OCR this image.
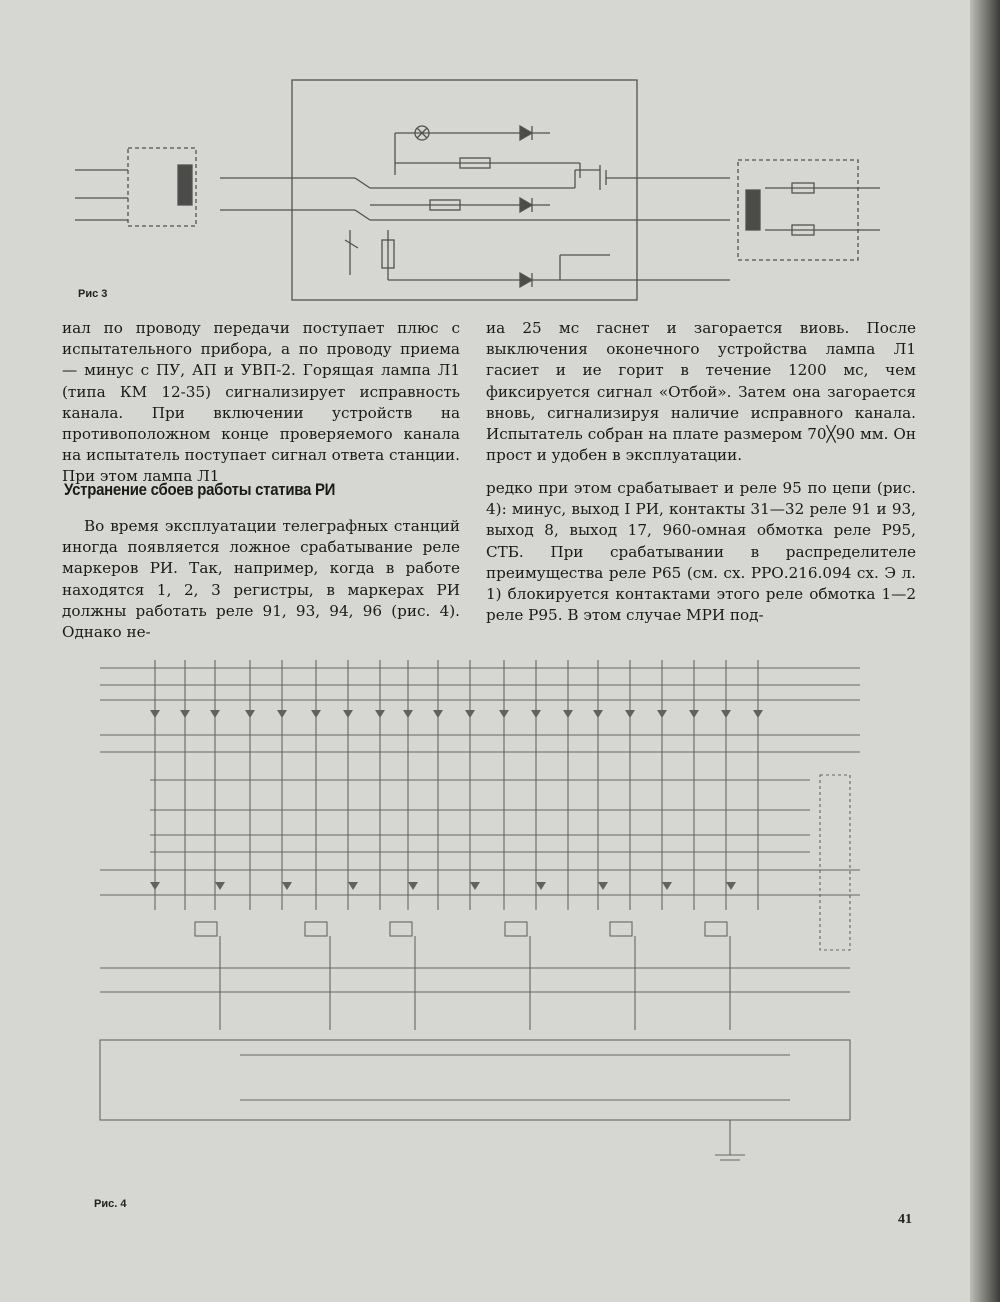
Рис 3

иал по проводу передачи поступает плюс с испытательного прибора, а по проводу приема — минус с ПУ, АП и УВП-2. Горящая лампа Л1 (типа КМ 12-35) сигнализирует исправность канала. При включении устройств на противоположном конце проверяемого канала на испытатель поступает сигнал ответа станции. При этом лампа Л1

иа 25 мс гаснет и загорается виовь. После выключения оконечного устройства лампа Л1 гасиет и ие горит в течение 1200 мс, чем фиксируется сигнал «Отбой». Затем она загорается вновь, сигнализируя наличие исправного канала. Испытатель собран на плате размером 70╳90 мм. Он прост и удобен в эксплуатации.

Устранение сбоев работы статива РИ

Во время эксплуатации телеграфных станций иногда появляется ложное срабатывание реле маркеров РИ. Так, например, когда в работе находятся 1, 2, 3 регистры, в маркерах РИ должны работать реле 91, 93, 94, 96 (рис. 4). Однако не-

редко при этом срабатывает и реле 95 по цепи (рис. 4): минус, выход I РИ, контакты 31—32 реле 91 и 93, выход 8, выход 17, 960-омная обмотка реле Р95, СТБ. При срабатывании в распределителе преимущества реле Р65 (см. сх. РРО.216.094 сх. Э л. 1) блокируется контактами этого реле обмотка 1—2 реле Р95. В этом случае МРИ под-

Рис. 4
41
